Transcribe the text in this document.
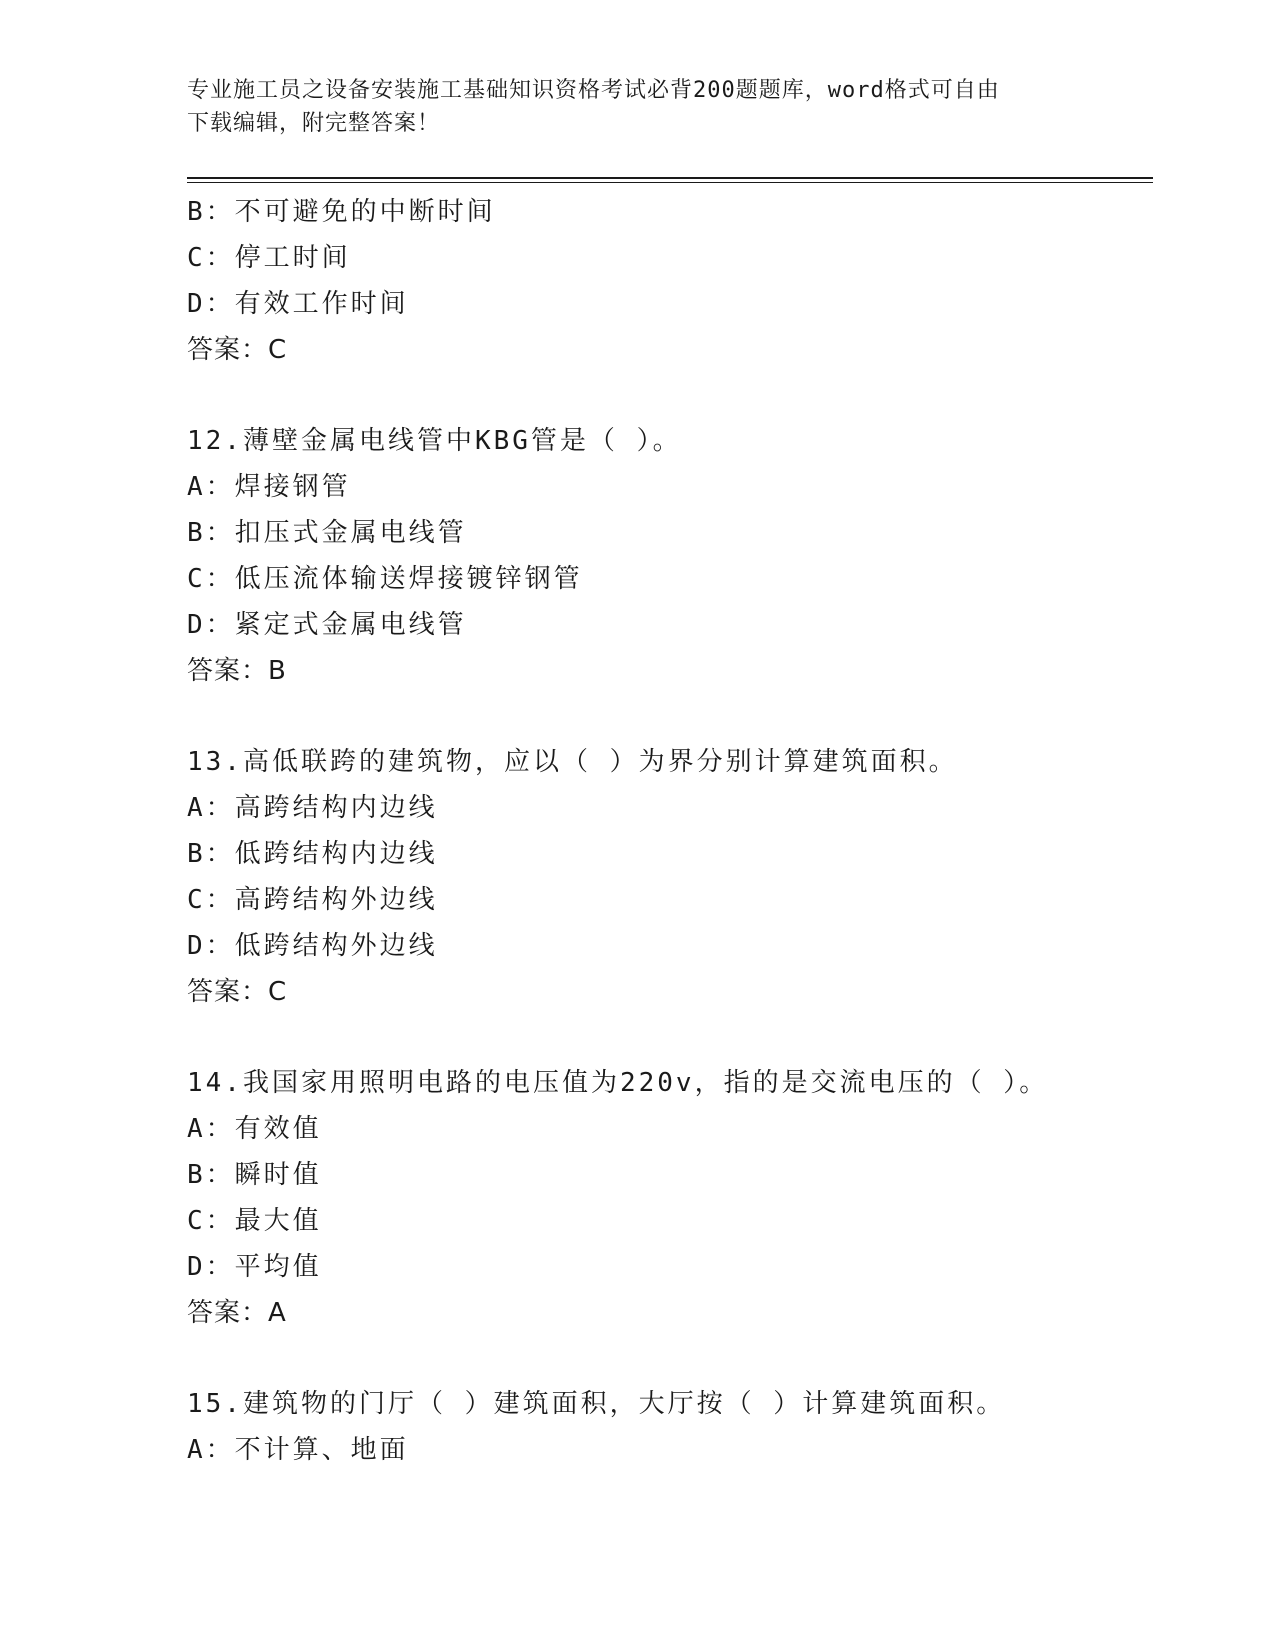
专业施工员之设备安装施工基础知识资格考试必背200题题库，word格式可自由
下载编辑，附完整答案！
B：不可避免的中断时间
C：停工时间
D：有效工作时间
答案：C
12.薄壁金属电线管中KBG管是（ ）。
A：焊接钢管
B：扣压式金属电线管
C：低压流体输送焊接镀锌钢管
D：紧定式金属电线管
答案：B
13.高低联跨的建筑物，应以（ ）为界分别计算建筑面积。
A：高跨结构内边线
B：低跨结构内边线
C：高跨结构外边线
D：低跨结构外边线
答案：C
14.我国家用照明电路的电压值为220v，指的是交流电压的（ ）。
A：有效值
B：瞬时值
C：最大值
D：平均值
答案：A
15.建筑物的门厅（ ）建筑面积，大厅按（ ）计算建筑面积。
A：不计算、地面
